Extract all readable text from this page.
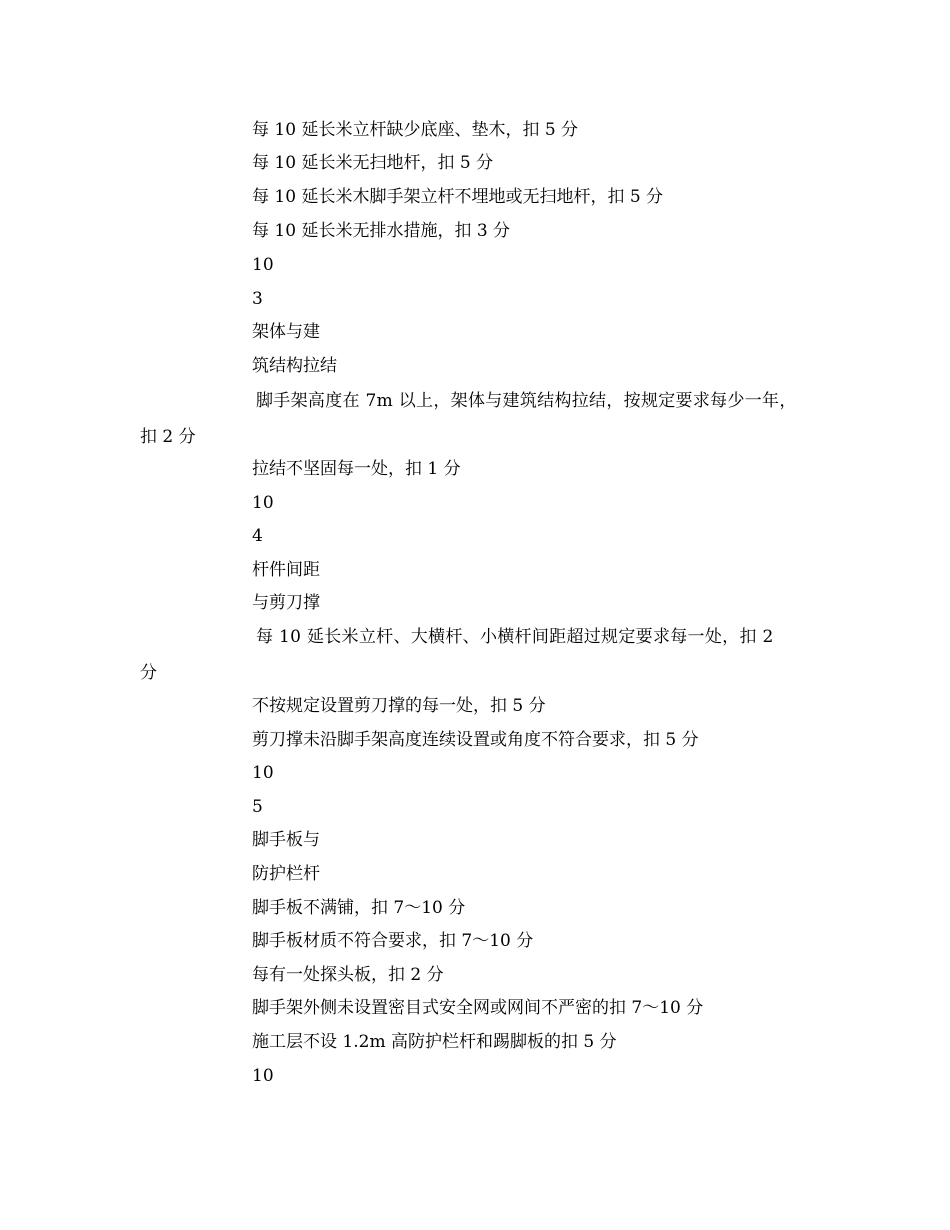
每 10 延长米立杆缺少底座、垫木，扣 5 分
每 10 延长米无扫地杆，扣 5 分
每 10 延长米木脚手架立杆不埋地或无扫地杆，扣 5 分
每 10 延长米无排水措施，扣 3 分
10
3
架体与建
筑结构拉结
脚手架高度在 7m 以上，架体与建筑结构拉结，按规定要求每少一年，
扣 2 分
拉结不坚固每一处，扣 1 分
10
4
杆件间距
与剪刀撑
每 10 延长米立杆、大横杆、小横杆间距超过规定要求每一处，扣 2
分
不按规定设置剪刀撑的每一处，扣 5 分
剪刀撑未沿脚手架高度连续设置或角度不符合要求，扣 5 分
10
5
脚手板与
防护栏杆
脚手板不满铺，扣 7～10 分
脚手板材质不符合要求，扣 7～10 分
每有一处探头板，扣 2 分
脚手架外侧未设置密目式安全网或网间不严密的扣 7～10 分
施工层不设 1.2m 高防护栏杆和踢脚板的扣 5 分
10
